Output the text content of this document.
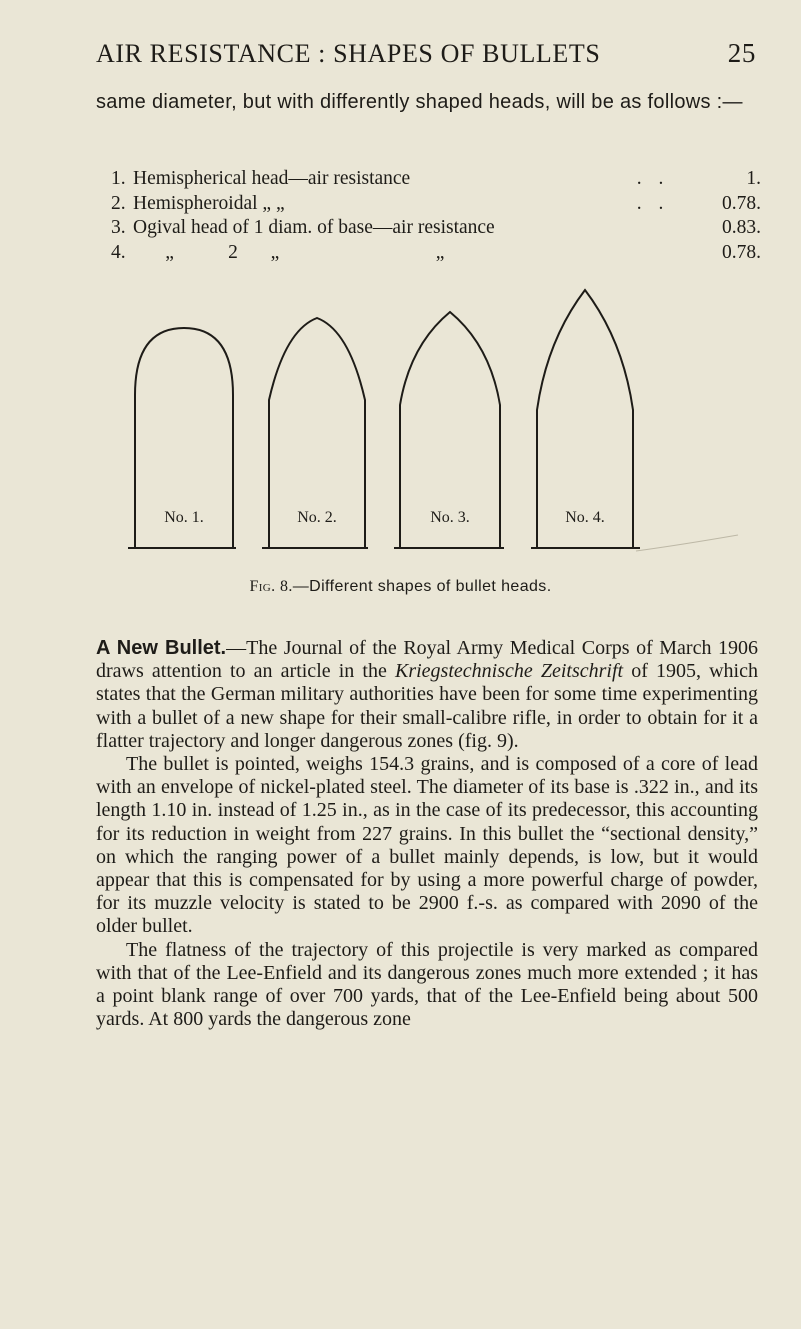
AIR RESISTANCE : SHAPES OF BULLETS	25
same diameter, but with differently shaped heads, will be as follows :—
1. Hemispherical head—air resistance	. .	1.
2. Hemispheroidal „ „	. .	0.78.
3. Ogival head of 1 diam. of base—air resistance	0.83.
4.	„          2      „	„	0.78.
No. 1.	No. 2.	No. 3.	No. 4.
Fig. 8.—Different shapes of bullet heads.

A New Bullet.—The Journal of the Royal Army Medical Corps of March 1906 draws attention to an article in the Kriegstechnische Zeitschrift of 1905, which states that the German military authorities have been for some time experimenting with a bullet of a new shape for their small-calibre rifle, in order to obtain for it a flatter trajectory and longer dangerous zones (fig. 9).

The bullet is pointed, weighs 154.3 grains, and is composed of a core of lead with an envelope of nickel-plated steel. The diameter of its base is .322 in., and its length 1.10 in. instead of 1.25 in., as in the case of its predecessor, this accounting for its reduction in weight from 227 grains. In this bullet the “sectional density,” on which the ranging power of a bullet mainly depends, is low, but it would appear that this is compensated for by using a more powerful charge of powder, for its muzzle velocity is stated to be 2900 f.-s. as compared with 2090 of the older bullet.

The flatness of the trajectory of this projectile is very marked as compared with that of the Lee-Enfield and its dangerous zones much more extended ; it has a point blank range of over 700 yards, that of the Lee-Enfield being about 500 yards. At 800 yards the dangerous zone
